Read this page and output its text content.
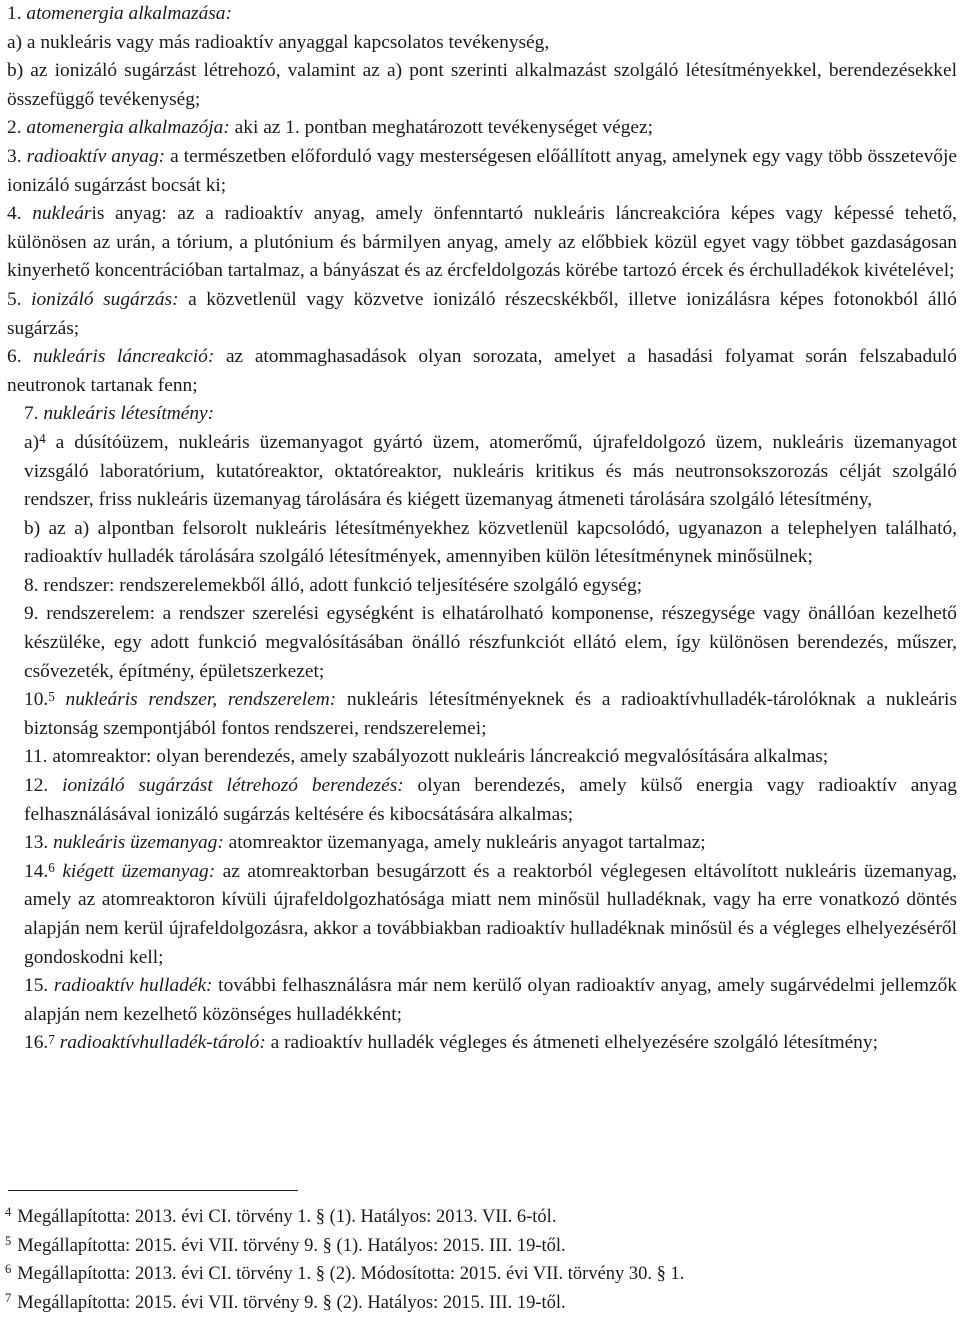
1. atomenergia alkalmazása:

a) a nukleáris vagy más radioaktív anyaggal kapcsolatos tevékenység,

b) az ionizáló sugárzást létrehozó, valamint az a) pont szerinti alkalmazást szolgáló létesítményekkel, berendezésekkel összefüggő tevékenység;

2. atomenergia alkalmazója: aki az 1. pontban meghatározott tevékenységet végez;

3. radioaktív anyag: a természetben előforduló vagy mesterségesen előállított anyag, amelynek egy vagy több összetevője ionizáló sugárzást bocsát ki;

4. nukleáris anyag: az a radioaktív anyag, amely önfenntartó nukleáris láncreakcióra képes vagy képessé tehető, különösen az urán, a tórium, a plutónium és bármilyen anyag, amely az előbbiek közül egyet vagy többet gazdaságosan kinyerhető koncentrációban tartalmaz, a bányászat és az ércfeldolgozás körébe tartozó ércek és érchulladékok kivételével;

5. ionizáló sugárzás: a közvetlenül vagy közvetve ionizáló részecskékből, illetve ionizálásra képes fotonokból álló sugárzás;

6. nukleáris láncreakció: az atommaghasadások olyan sorozata, amelyet a hasadási folyamat során felszabaduló neutronok tartanak fenn;

7. nukleáris létesítmény:

a)$^4$ a dúsítóüzem, nukleáris üzemanyagot gyártó üzem, atomerőmű, újrafeldolgozó üzem, nukleáris üzemanyagot vizsgáló laboratórium, kutatóreaktor, oktatóreaktor, nukleáris kritikus és más neutronsokszorozás célját szolgáló rendszer, friss nukleáris üzemanyag tárolására és kiégett üzemanyag átmeneti tárolására szolgáló létesítmény,

b) az a) alpontban felsorolt nukleáris létesítményekhez közvetlenül kapcsolódó, ugyanazon a telephelyen található, radioaktív hulladék tárolására szolgáló létesítmények, amennyiben külön létesítménynek minősülnek;

8. rendszer: rendszerelemekből álló, adott funkció teljesítésére szolgáló egység;

9. rendszerelem: a rendszer szerelési egységként is elhatárolható komponense, részegysége vagy önállóan kezelhető készüléke, egy adott funkció megvalósításában önálló részfunkciót ellátó elem, így különösen berendezés, műszer, csővezeték, építmény, épületszerkezet;

10.$^5$ nukleáris rendszer, rendszerelem: nukleáris létesítményeknek és a radioaktívhulladék-tárolóknak a nukleáris biztonság szempontjából fontos rendszerei, rendszerelemei;

11. atomreaktor: olyan berendezés, amely szabályozott nukleáris láncreakció megvalósítására alkalmas;

12. ionizáló sugárzást létrehozó berendezés: olyan berendezés, amely külső energia vagy radioaktív anyag felhasználásával ionizáló sugárzás keltésére és kibocsátására alkalmas;

13. nukleáris üzemanyag: atomreaktor üzemanyaga, amely nukleáris anyagot tartalmaz;

14.$^6$ kiégett üzemanyag: az atomreaktorban besugárzott és a reaktorból véglegesen eltávolított nukleáris üzemanyag, amely az atomreaktoron kívüli újrafeldolgozhatósága miatt nem minősül hulladéknak, vagy ha erre vonatkozó döntés alapján nem kerül újrafeldolgozásra, akkor a továbbiakban radioaktív hulladéknak minősül és a végleges elhelyezéséről gondoskodni kell;

15. radioaktív hulladék: további felhasználásra már nem kerülő olyan radioaktív anyag, amely sugárvédelmi jellemzők alapján nem kezelhető közönséges hulladékként;

16.$^7$ radioaktívhulladék-tároló: a radioaktív hulladék végleges és átmeneti elhelyezésére szolgáló létesítmény;

$^4$ Megállapította: 2013. évi CI. törvény 1. § (1). Hatályos: 2013. VII. 6-tól.

$^5$ Megállapította: 2015. évi VII. törvény 9. § (1). Hatályos: 2015. III. 19-től.

$^6$ Megállapította: 2013. évi CI. törvény 1. § (2). Módosította: 2015. évi VII. törvény 30. § 1.

$^7$ Megállapította: 2015. évi VII. törvény 9. § (2). Hatályos: 2015. III. 19-től.
